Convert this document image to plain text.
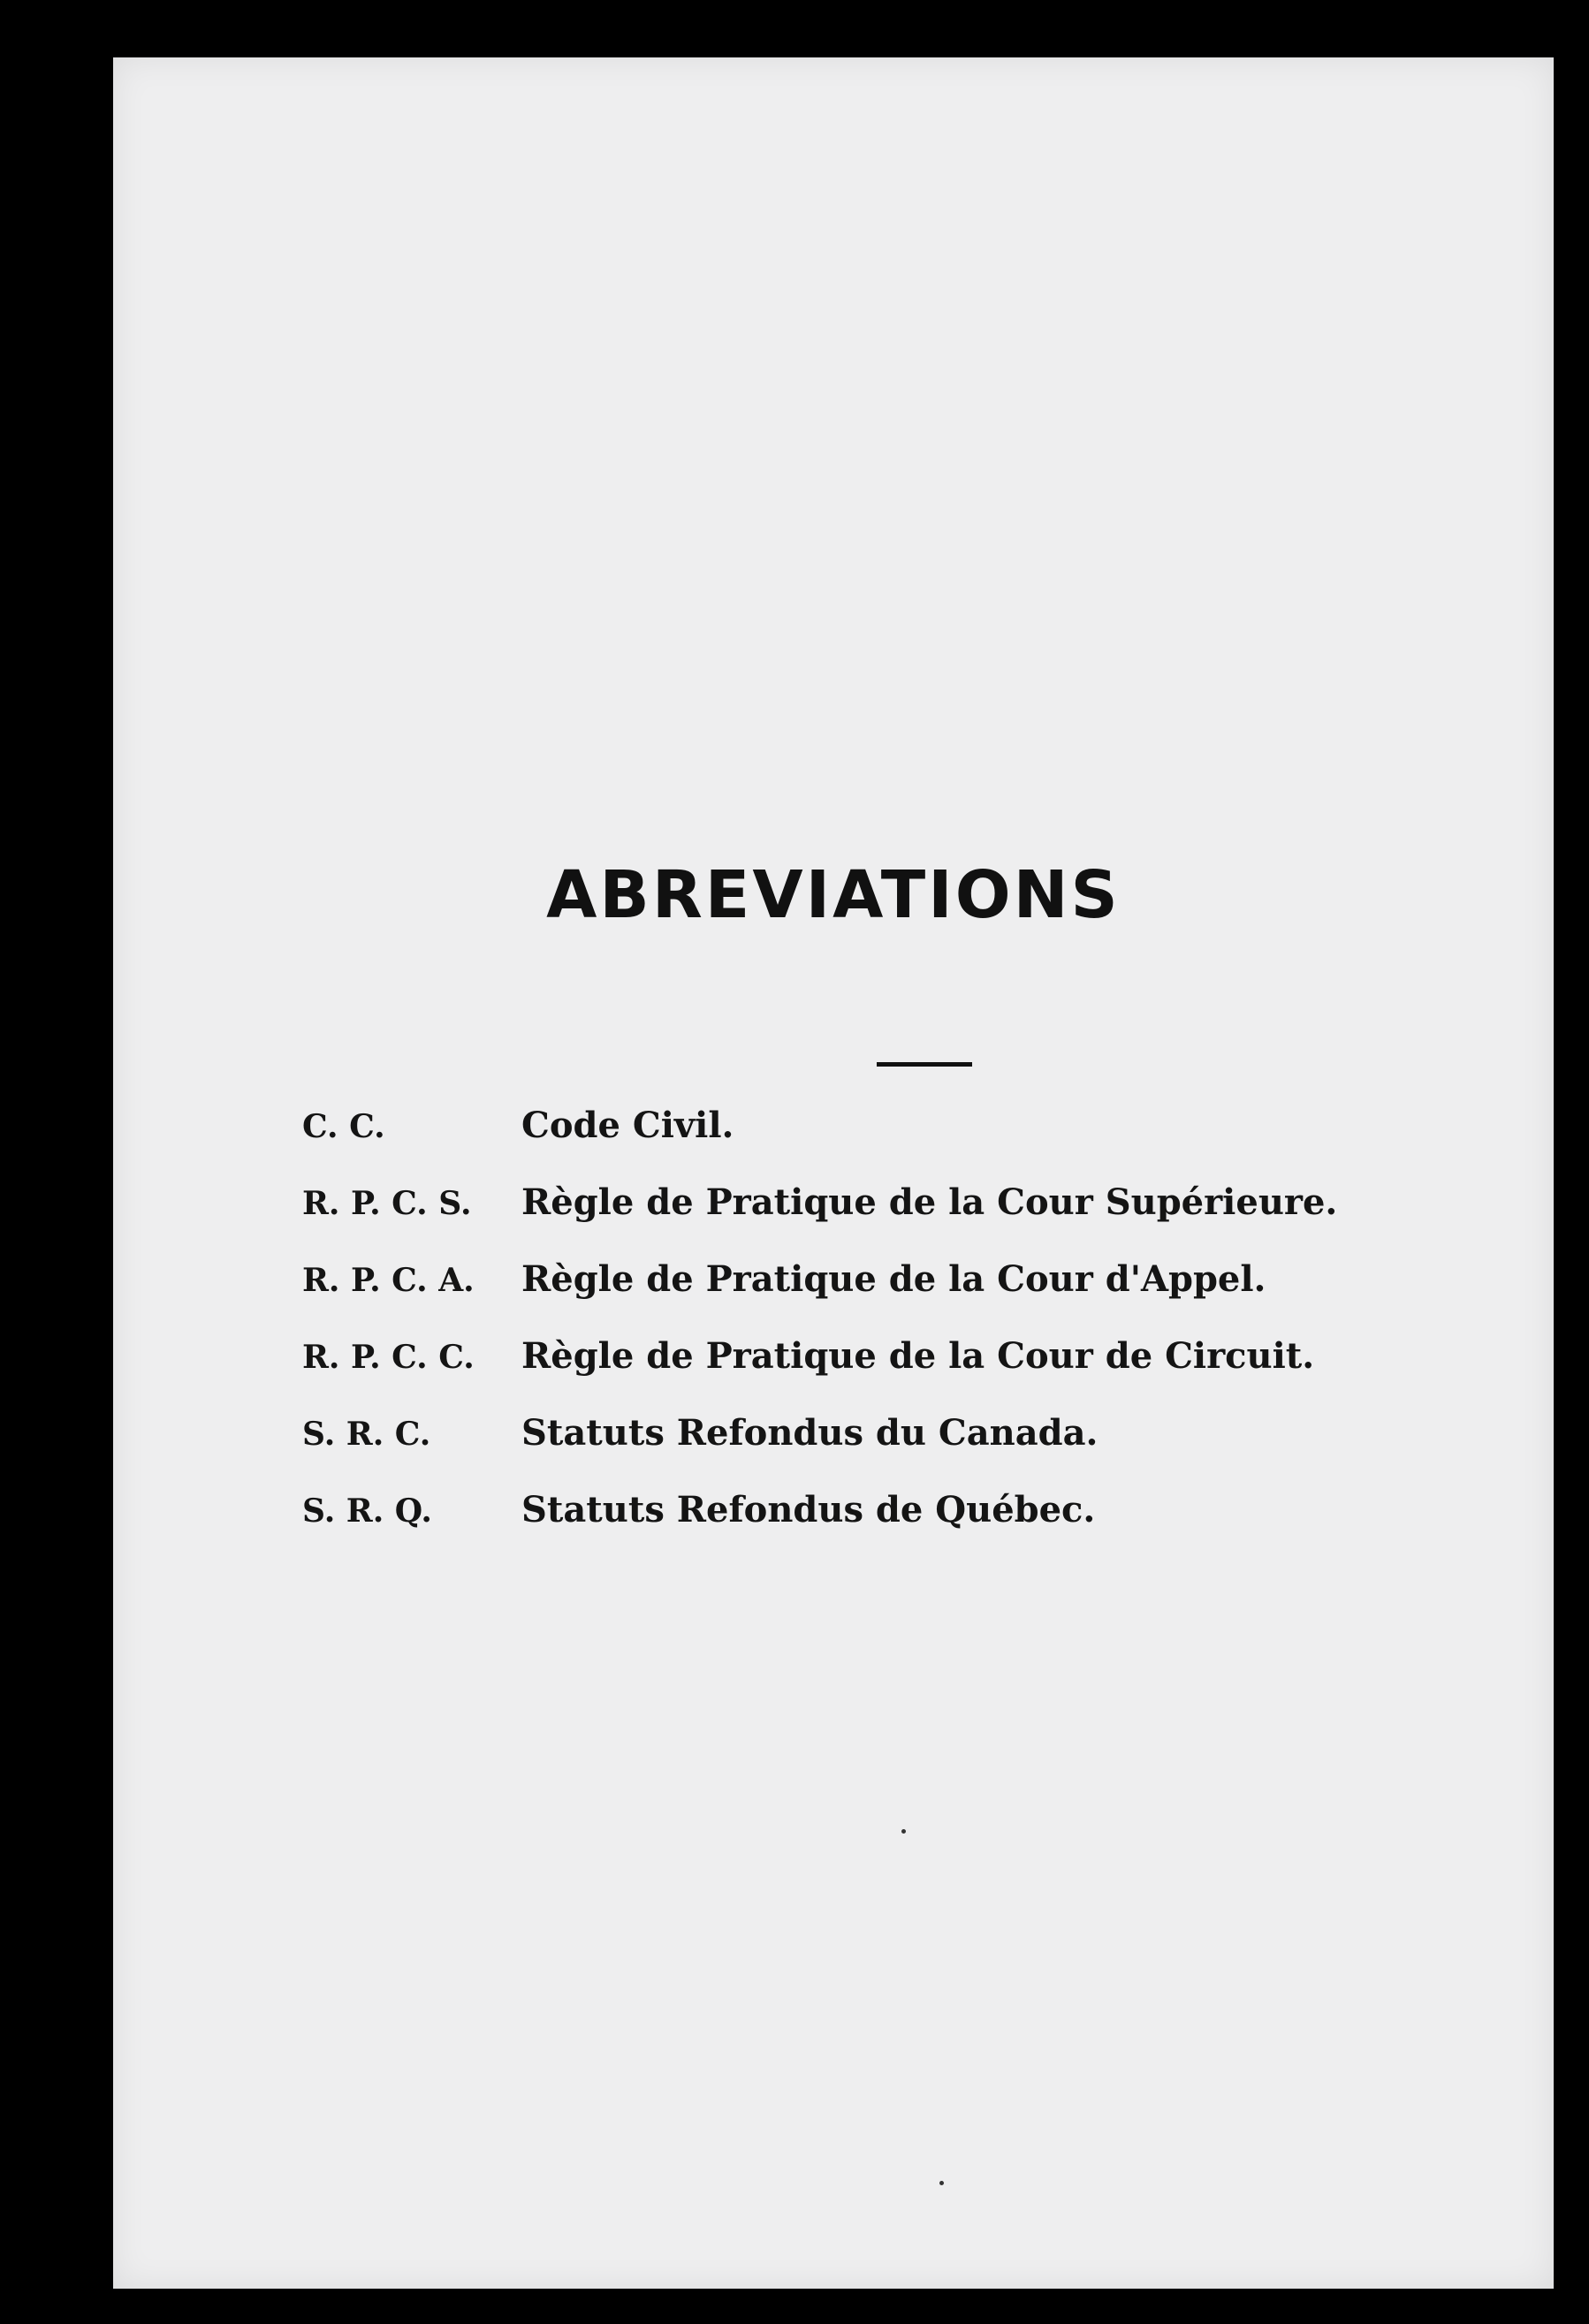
ABREVIATIONS
C. C.	Code Civil.
R. P. C. S.	Règle de Pratique de la Cour Supérieure.
R. P. C. A.	Règle de Pratique de la Cour d'Appel.
R. P. C. C.	Règle de Pratique de la Cour de Circuit.
S. R. C.	Statuts Refondus du Canada.
S. R. Q.	Statuts Refondus de Québec.
